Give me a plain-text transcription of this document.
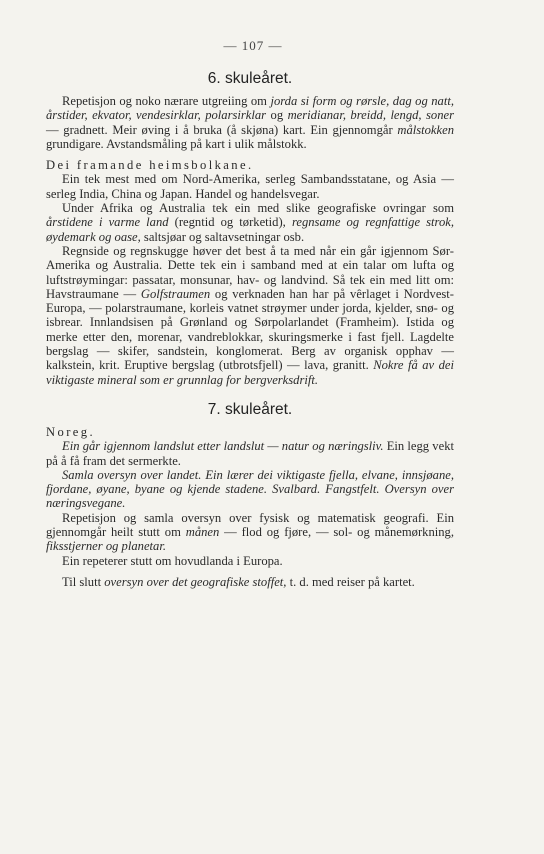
— 107 —
6. skuleåret.

Repetisjon og noko nærare utgreiing om jorda si form og rørsle, dag og natt, årstider, ekvator, vendesirklar, polarsirklar og meridianar, breidd, lengd, soner — gradnett. Meir øving i å bruka (å skjøna) kart. Ein gjennomgår målstokken grundigare. Avstandsmåling på kart i ulik målstokk.

Dei framande heimsbolkane.

Ein tek mest med om Nord-Amerika, serleg Sambandsstatane, og Asia — serleg India, China og Japan. Handel og handelsvegar.

Under Afrika og Australia tek ein med slike geografiske ovringar som årstidene i varme land (regntid og tørketid), regnsame og regnfattige strok, øydemark og oase, saltsjøar og saltavsetningar osb.

Regnside og regnskugge høver det best å ta med når ein går igjennom Sør-Amerika og Australia. Dette tek ein i samband med at ein talar om lufta og luftstrøymingar: passatar, monsunar, hav- og landvind. Så tek ein med litt om: Havstraumane — Golfstraumen og verknaden han har på vêrlaget i Nordvest-Europa, — polarstraumane, korleis vatnet strøymer under jorda, kjelder, snø- og isbrear. Innlandsisen på Grønland og Sørpolarlandet (Framheim). Istida og merke etter den, morenar, vandreblokkar, skuringsmerke i fast fjell. Lagdelte bergslag — skifer, sandstein, konglomerat. Berg av organisk opphav — kalkstein, krit. Eruptive bergslag (utbrotsfjell) — lava, granitt. Nokre få av dei viktigaste mineral som er grunnlag for bergverksdrift.

7. skuleåret.

Noreg.

Ein går igjennom landslut etter landslut — natur og næringsliv. Ein legg vekt på å få fram det sermerkte.

Samla oversyn over landet. Ein lærer dei viktigaste fjella, elvane, innsjøane, fjordane, øyane, byane og kjende stadene. Svalbard. Fangstfelt. Oversyn over næringsvegane.

Repetisjon og samla oversyn over fysisk og matematisk geografi. Ein gjennomgår heilt stutt om månen — flod og fjøre, — sol- og månemørkning, fiksstjerner og planetar.

Ein repeterer stutt om hovudlanda i Europa.

Til slutt oversyn over det geografiske stoffet, t. d. med reiser på kartet.
